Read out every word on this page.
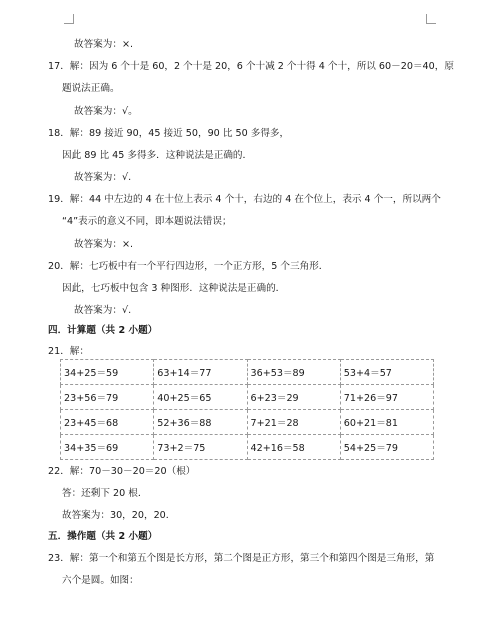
故答案为：×.
17．解：因为 6 个十是 60，2 个十是 20，6 个十减 2 个十得 4 个十，所以 60－20＝40，原
题说法正确。
故答案为：√。
18．解：89 接近 90，45 接近 50，90 比 50 多得多，
因此 89 比 45 多得多．这种说法是正确的．
故答案为：√.
19．解：44 中左边的 4 在十位上表示 4 个十，右边的 4 在个位上，表示 4 个一，所以两个
“4”表示的意义不同，即本题说法错误；
故答案为：×.
20．解：七巧板中有一个平行四边形，一个正方形，5 个三角形．
因此，七巧板中包含 3 种图形．这种说法是正确的．
故答案为：√.
四．计算题（共 2 小题）
21．解：
34+25＝59	63+14＝77	36+53＝89	53+4＝57
23+56＝79	40+25＝65	6+23＝29	71+26＝97
23+45＝68	52+36＝88	7+21＝28	60+21＝81
34+35＝69	73+2＝75	42+16＝58	54+25＝79
22．解：70－30－20＝20（根）
答：还剩下 20 根．
故答案为：30，20，20．
五．操作题（共 2 小题）
23．解：第一个和第五个图是长方形，第二个图是正方形，第三个和第四个图是三角形，第
六个是圆。如图：
